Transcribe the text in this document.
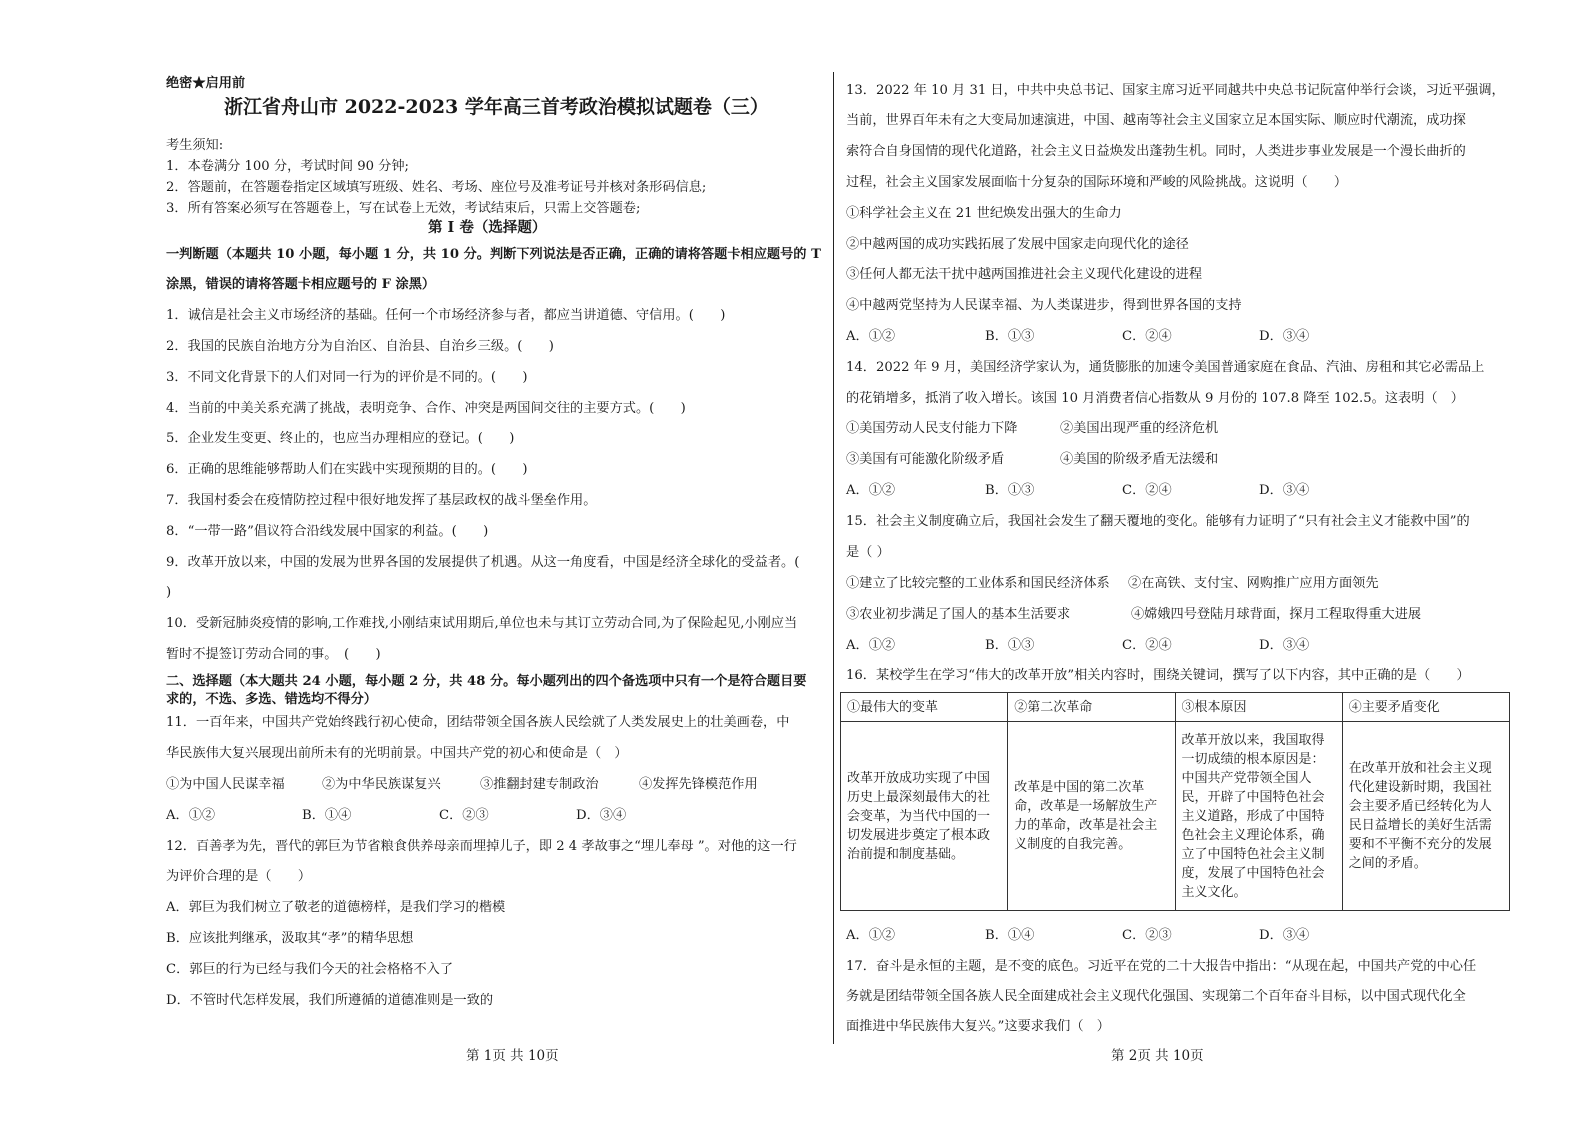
绝密★启用前
浙江省舟山市 2022-2023 学年高三首考政治模拟试题卷（三）
考生须知:
1．本卷满分 100 分，考试时间 90 分钟;
2．答题前，在答题卷指定区域填写班级、姓名、考场、座位号及准考证号并核对条形码信息;
3．所有答案必须写在答题卷上，写在试卷上无效，考试结束后，只需上交答题卷;
第 I 卷（选择题）
一判断题（本题共 10 小题，每小题 1 分，共 10 分。判断下列说法是否正确，正确的请将答题卡相应题号的 T
涂黑，错误的请将答题卡相应题号的 F 涂黑）
1．诚信是社会主义市场经济的基础。任何一个市场经济参与者，都应当讲道德、守信用。(　　)
2．我国的民族自治地方分为自治区、自治县、自治乡三级。(　　)
3．不同文化背景下的人们对同一行为的评价是不同的。(　　)
4．当前的中美关系充满了挑战，表明竞争、合作、冲突是两国间交往的主要方式。(　　)
5．企业发生变更、终止的，也应当办理相应的登记。(　　)
6．正确的思维能够帮助人们在实践中实现预期的目的。(　　)
7．我国村委会在疫情防控过程中很好地发挥了基层政权的战斗堡垒作用。
8．“一带一路”倡议符合沿线发展中国家的利益。(　　)
9．改革开放以来，中国的发展为世界各国的发展提供了机遇。从这一角度看，中国是经济全球化的受益者。(
)
10．受新冠肺炎疫情的影响,工作难找,小刚结束试用期后,单位也未与其订立劳动合同,为了保险起见,小刚应当
暂时不提签订劳动合同的事。　(　　)
二、选择题（本大题共 24 小题，每小题 2 分，共 48 分。每小题列出的四个备选项中只有一个是符合题目要
求的，不选、多选、错选均不得分）
11．一百年来，中国共产党始终践行初心使命，团结带领全国各族人民绘就了人类发展史上的壮美画卷，中
华民族伟大复兴展现出前所未有的光明前景。中国共产党的初心和使命是（　）
①为中国人民谋幸福	②为中华民族谋复兴	③推翻封建专制政治	④发挥先锋模范作用
A．①②	B．①④	C．②③	D．③④
12．百善孝为先，晋代的郭巨为节省粮食供养母亲而埋掉儿子，即 2 4 孝故事之“埋儿奉母 ”。对他的这一行
为评价合理的是（　　）
A．郭巨为我们树立了敬老的道德榜样，是我们学习的楷模
B．应该批判继承，汲取其“孝”的精华思想
C．郭巨的行为已经与我们今天的社会格格不入了
D．不管时代怎样发展，我们所遵循的道德准则是一致的
13．2022 年 10 月 31 日，中共中央总书记、国家主席习近平同越共中央总书记阮富仲举行会谈，习近平强调，
当前，世界百年未有之大变局加速演进，中国、越南等社会主义国家立足本国实际、顺应时代潮流，成功探
索符合自身国情的现代化道路，社会主义日益焕发出蓬勃生机。同时，人类进步事业发展是一个漫长曲折的
过程，社会主义国家发展面临十分复杂的国际环境和严峻的风险挑战。这说明（　　）
①科学社会主义在 21 世纪焕发出强大的生命力
②中越两国的成功实践拓展了发展中国家走向现代化的途径
③任何人都无法干扰中越两国推进社会主义现代化建设的进程
④中越两党坚持为人民谋幸福、为人类谋进步，得到世界各国的支持
A．①②	B．①③	C．②④	D．③④
14．2022 年 9 月，美国经济学家认为，通货膨胀的加速令美国普通家庭在食品、汽油、房租和其它必需品上
的花销增多，抵消了收入增长。该国 10 月消费者信心指数从 9 月份的 107.8 降至 102.5。这表明（　）
①美国劳动人民支付能力下降	②美国出现严重的经济危机
③美国有可能激化阶级矛盾	④美国的阶级矛盾无法缓和
A．①②	B．①③	C．②④	D．③④
15．社会主义制度确立后，我国社会发生了翻天覆地的变化。能够有力证明了“只有社会主义才能救中国”的
是（ ）
①建立了比较完整的工业体系和国民经济体系 ②在高铁、支付宝、网购推广应用方面领先
③农业初步满足了国人的基本生活要求	④嫦娥四号登陆月球背面，探月工程取得重大进展
A．①②	B．①③	C．②④	D．③④
16．某校学生在学习“伟大的改革开放”相关内容时，围绕关键词，撰写了以下内容，其中正确的是（　　）
A．①②	B．①④	C．②③	D．③④
17．奋斗是永恒的主题，是不变的底色。习近平在党的二十大报告中指出：“从现在起，中国共产党的中心任
务就是团结带领全国各族人民全面建成社会主义现代化强国、实现第二个百年奋斗目标，以中国式现代化全
面推进中华民族伟大复兴。”这要求我们（　）
①最伟大的变革	②第二次革命	③根本原因	④主要矛盾变化
改革开放成功实现了中国历史上最深刻最伟大的社会变革，为当代中国的一切发展进步奠定了根本政治前提和制度基础。	改革是中国的第二次革命，改革是一场解放生产力的革命，改革是社会主义制度的自我完善。	改革开放以来，我国取得一切成绩的根本原因是：中国共产党带领全国人民，开辟了中国特色社会主义道路，形成了中国特色社会主义理论体系，确立了中国特色社会主义制度，发展了中国特色社会主义文化。	在改革开放和社会主义现代化建设新时期，我国社会主要矛盾已经转化为人民日益增长的美好生活需要和不平衡不充分的发展之间的矛盾。
第 1页 共 10页	第 2页 共 10页
